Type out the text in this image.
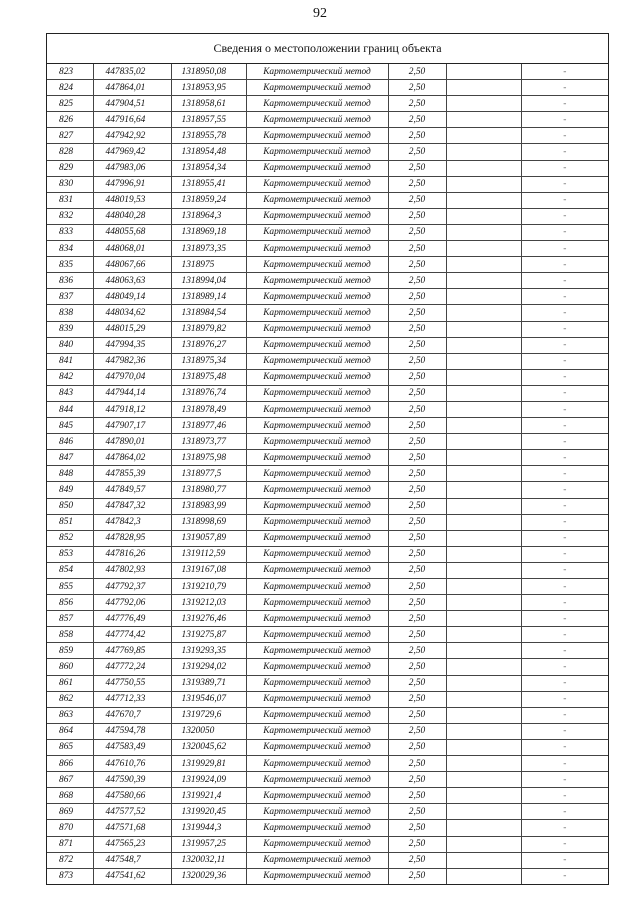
92
Сведения о местоположении границ объекта
823	447835,02	1318950,08	Картометрический метод	2,50		-
824	447864,01	1318953,95	Картометрический метод	2,50		-
825	447904,51	1318958,61	Картометрический метод	2,50		-
826	447916,64	1318957,55	Картометрический метод	2,50		-
827	447942,92	1318955,78	Картометрический метод	2,50		-
828	447969,42	1318954,48	Картометрический метод	2,50		-
829	447983,06	1318954,34	Картометрический метод	2,50		-
830	447996,91	1318955,41	Картометрический метод	2,50		-
831	448019,53	1318959,24	Картометрический метод	2,50		-
832	448040,28	1318964,3	Картометрический метод	2,50		-
833	448055,68	1318969,18	Картометрический метод	2,50		-
834	448068,01	1318973,35	Картометрический метод	2,50		-
835	448067,66	1318975	Картометрический метод	2,50		-
836	448063,63	1318994,04	Картометрический метод	2,50		-
837	448049,14	1318989,14	Картометрический метод	2,50		-
838	448034,62	1318984,54	Картометрический метод	2,50		-
839	448015,29	1318979,82	Картометрический метод	2,50		-
840	447994,35	1318976,27	Картометрический метод	2,50		-
841	447982,36	1318975,34	Картометрический метод	2,50		-
842	447970,04	1318975,48	Картометрический метод	2,50		-
843	447944,14	1318976,74	Картометрический метод	2,50		-
844	447918,12	1318978,49	Картометрический метод	2,50		-
845	447907,17	1318977,46	Картометрический метод	2,50		-
846	447890,01	1318973,77	Картометрический метод	2,50		-
847	447864,02	1318975,98	Картометрический метод	2,50		-
848	447855,39	1318977,5	Картометрический метод	2,50		-
849	447849,57	1318980,77	Картометрический метод	2,50		-
850	447847,32	1318983,99	Картометрический метод	2,50		-
851	447842,3	1318998,69	Картометрический метод	2,50		-
852	447828,95	1319057,89	Картометрический метод	2,50		-
853	447816,26	1319112,59	Картометрический метод	2,50		-
854	447802,93	1319167,08	Картометрический метод	2,50		-
855	447792,37	1319210,79	Картометрический метод	2,50		-
856	447792,06	1319212,03	Картометрический метод	2,50		-
857	447776,49	1319276,46	Картометрический метод	2,50		-
858	447774,42	1319275,87	Картометрический метод	2,50		-
859	447769,85	1319293,35	Картометрический метод	2,50		-
860	447772,24	1319294,02	Картометрический метод	2,50		-
861	447750,55	1319389,71	Картометрический метод	2,50		-
862	447712,33	1319546,07	Картометрический метод	2,50		-
863	447670,7	1319729,6	Картометрический метод	2,50		-
864	447594,78	1320050	Картометрический метод	2,50		-
865	447583,49	1320045,62	Картометрический метод	2,50		-
866	447610,76	1319929,81	Картометрический метод	2,50		-
867	447590,39	1319924,09	Картометрический метод	2,50		-
868	447580,66	1319921,4	Картометрический метод	2,50		-
869	447577,52	1319920,45	Картометрический метод	2,50		-
870	447571,68	1319944,3	Картометрический метод	2,50		-
871	447565,23	1319957,25	Картометрический метод	2,50		-
872	447548,7	1320032,11	Картометрический метод	2,50		-
873	447541,62	1320029,36	Картометрический метод	2,50		-
